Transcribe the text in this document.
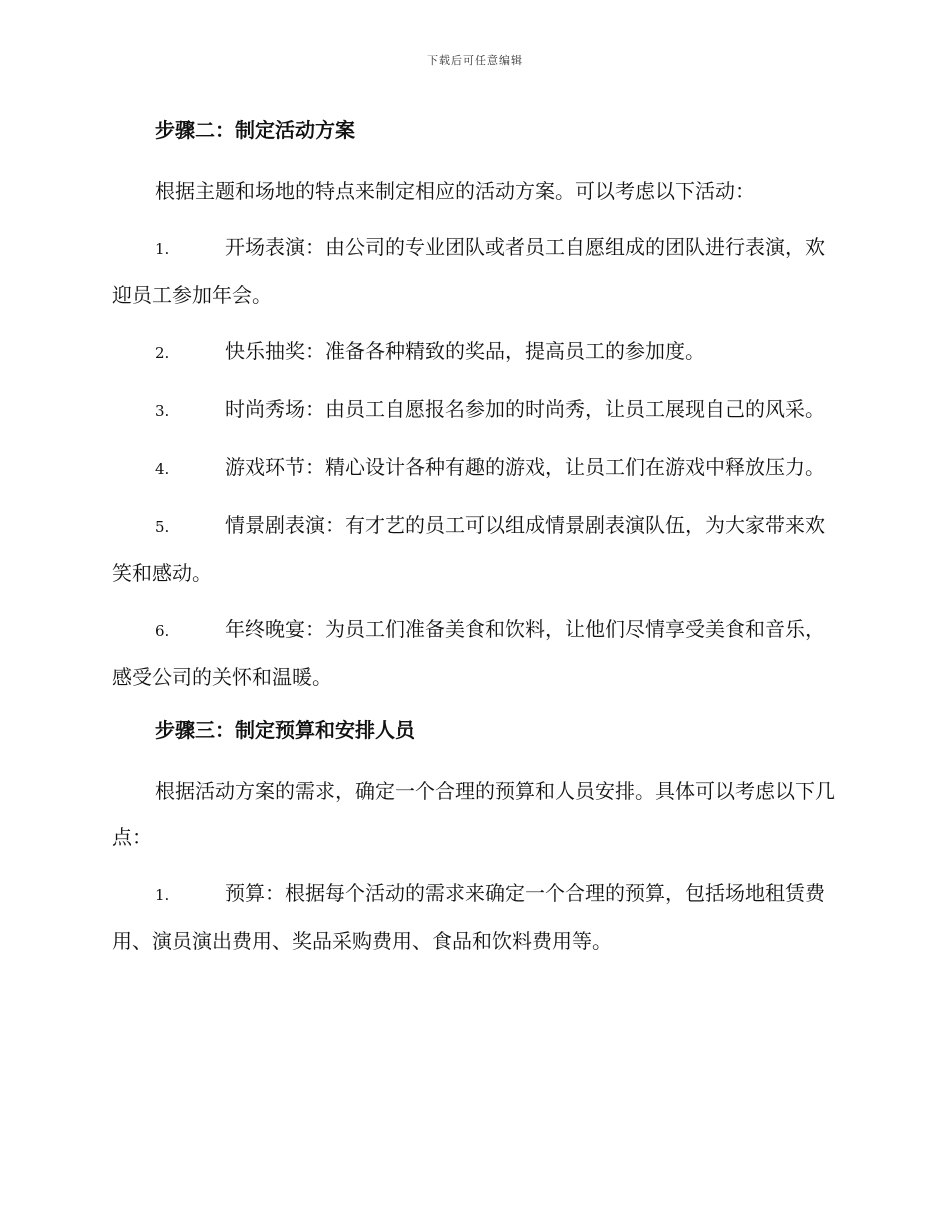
下载后可任意编辑
步骤二：制定活动方案
根据主题和场地的特点来制定相应的活动方案。可以考虑以下活动：
1.	开场表演：由公司的专业团队或者员工自愿组成的团队进行表演，欢迎员工参加年会。
2.	快乐抽奖：准备各种精致的奖品，提高员工的参加度。
3.	时尚秀场：由员工自愿报名参加的时尚秀，让员工展现自己的风采。
4.	游戏环节：精心设计各种有趣的游戏，让员工们在游戏中释放压力。
5.	情景剧表演：有才艺的员工可以组成情景剧表演队伍，为大家带来欢笑和感动。
6.	年终晚宴：为员工们准备美食和饮料，让他们尽情享受美食和音乐，感受公司的关怀和温暖。
步骤三：制定预算和安排人员
根据活动方案的需求，确定一个合理的预算和人员安排。具体可以考虑以下几点：
1.	预算：根据每个活动的需求来确定一个合理的预算，包括场地租赁费用、演员演出费用、奖品采购费用、食品和饮料费用等。
